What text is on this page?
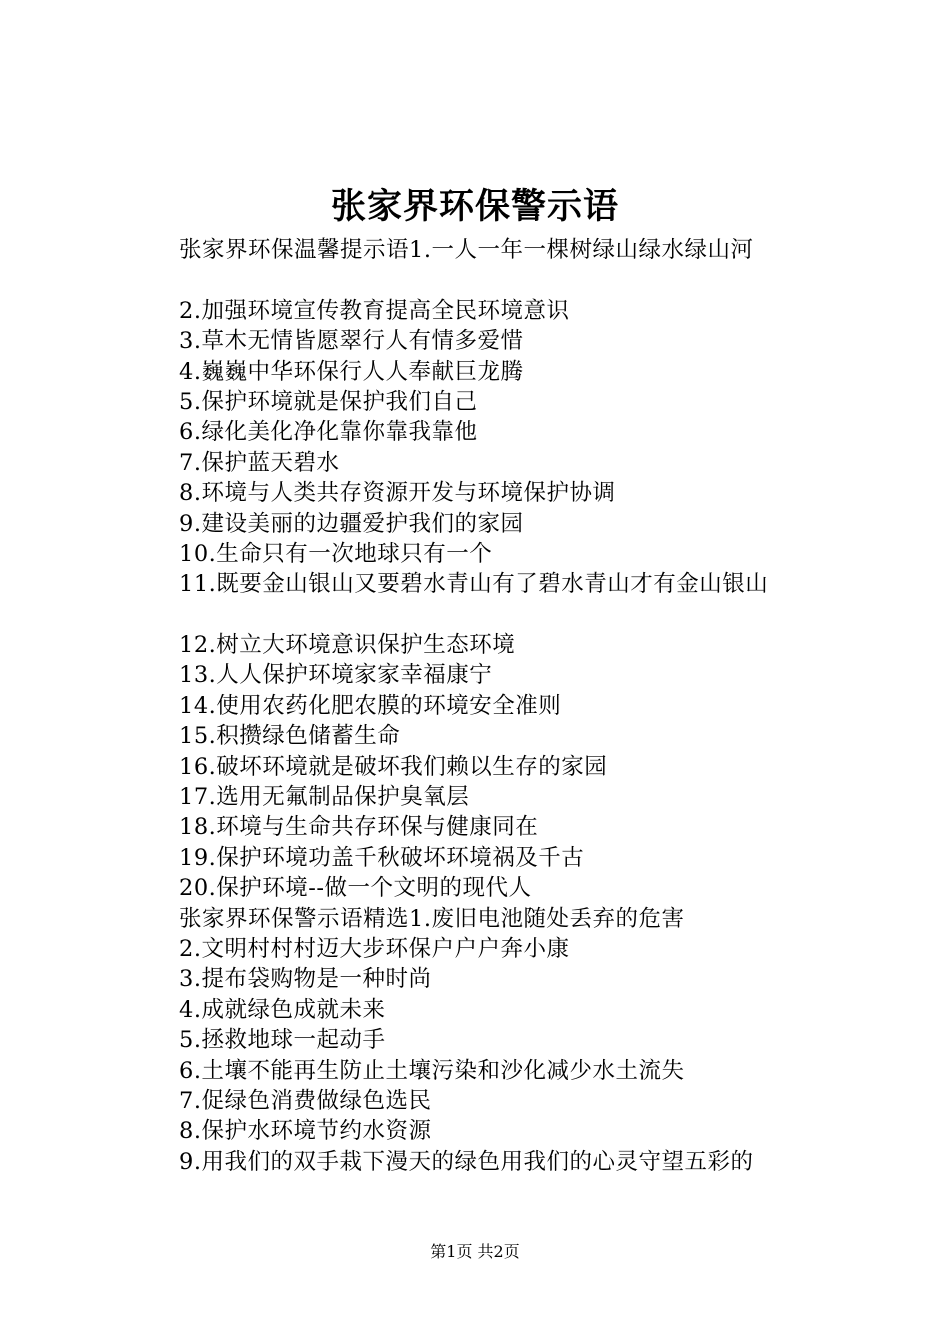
张家界环保警示语
张家界环保温馨提示语1.一人一年一棵树绿山绿水绿山河
2.加强环境宣传教育提高全民环境意识
3.草木无情皆愿翠行人有情多爱惜
4.巍巍中华环保行人人奉献巨龙腾
5.保护环境就是保护我们自己
6.绿化美化净化靠你靠我靠他
7.保护蓝天碧水
8.环境与人类共存资源开发与环境保护协调
9.建设美丽的边疆爱护我们的家园
10.生命只有一次地球只有一个
11.既要金山银山又要碧水青山有了碧水青山才有金山银山
12.树立大环境意识保护生态环境
13.人人保护环境家家幸福康宁
14.使用农药化肥农膜的环境安全准则
15.积攒绿色储蓄生命
16.破坏环境就是破坏我们赖以生存的家园
17.选用无氟制品保护臭氧层
18.环境与生命共存环保与健康同在
19.保护环境功盖千秋破坏环境祸及千古
20.保护环境--做一个文明的现代人
张家界环保警示语精选1.废旧电池随处丢弃的危害
2.文明村村村迈大步环保户户户奔小康
3.提布袋购物是一种时尚
4.成就绿色成就未来
5.拯救地球一起动手
6.土壤不能再生防止土壤污染和沙化减少水土流失
7.促绿色消费做绿色选民
8.保护水环境节约水资源
9.用我们的双手栽下漫天的绿色用我们的心灵守望五彩的
第1页 共2页
